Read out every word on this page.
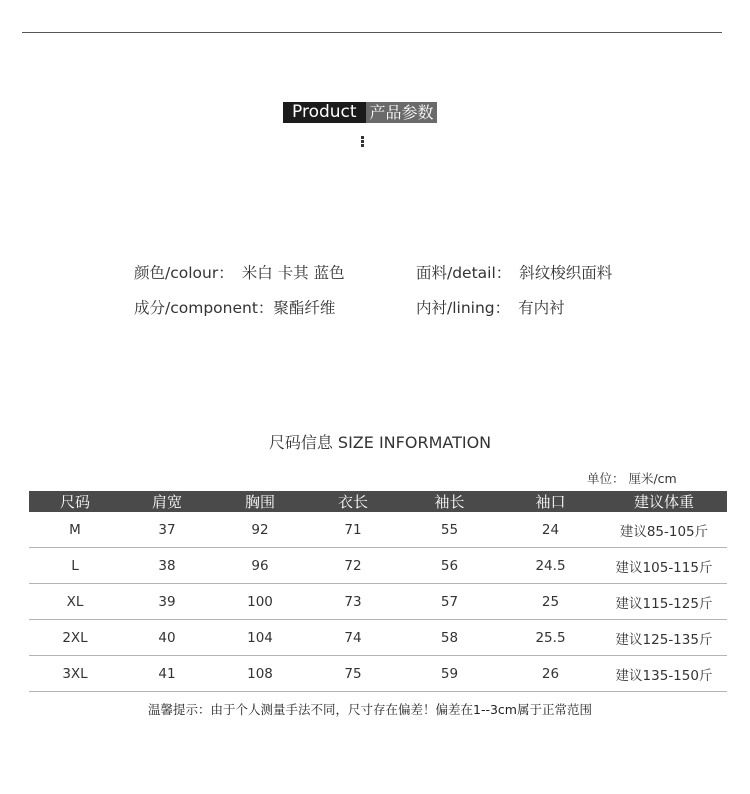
Product 产品参数
颜色/colour： 米白 卡其 蓝色	面料/detail： 斜纹梭织面料
成分/component：聚酯纤维	内衬/lining： 有内衬
尺码信息 SIZE INFORMATION
单位： 厘米/cm
尺码	肩宽	胸围	衣长	袖长	袖口	建议体重
M	37	92	71	55	24	建议85-105斤
L	38	96	72	56	24.5	建议105-115斤
XL	39	100	73	57	25	建议115-125斤
2XL	40	104	74	58	25.5	建议125-135斤
3XL	41	108	75	59	26	建议135-150斤
温馨提示：由于个人测量手法不同，尺寸存在偏差！偏差在1--3cm属于正常范围
